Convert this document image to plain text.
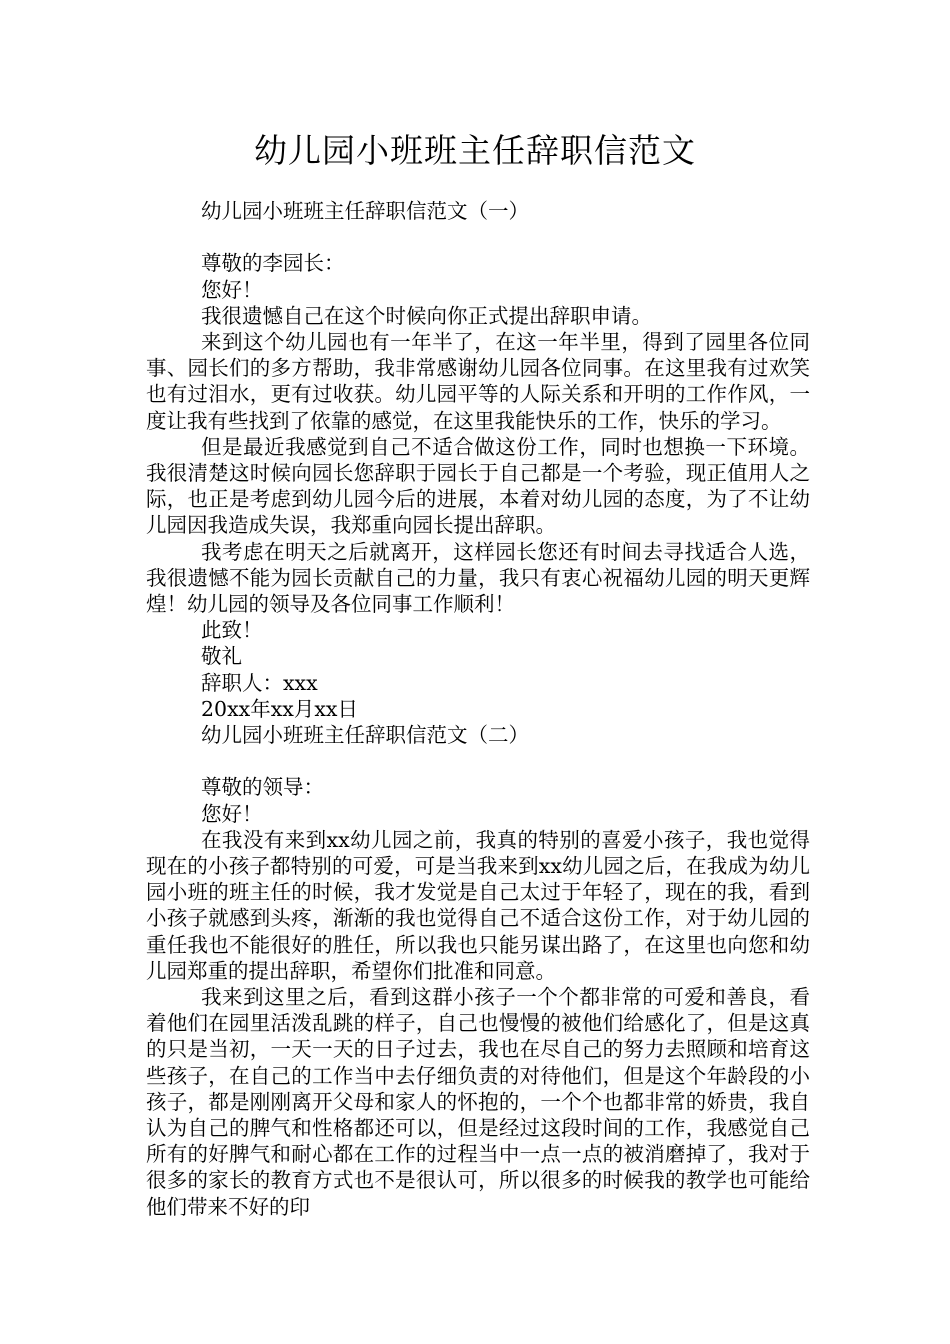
幼儿园小班班主任辞职信范文

幼儿园小班班主任辞职信范文（一）

尊敬的李园长：

您好！

我很遗憾自己在这个时候向你正式提出辞职申请。

来到这个幼儿园也有一年半了，在这一年半里，得到了园里各位同事、园长们的多方帮助，我非常感谢幼儿园各位同事。在这里我有过欢笑也有过泪水，更有过收获。幼儿园平等的人际关系和开明的工作作风，一度让我有些找到了依靠的感觉，在这里我能快乐的工作，快乐的学习。

但是最近我感觉到自己不适合做这份工作，同时也想换一下环境。我很清楚这时候向园长您辞职于园长于自己都是一个考验，现正值用人之际，也正是考虑到幼儿园今后的进展，本着对幼儿园的态度，为了不让幼儿园因我造成失误，我郑重向园长提出辞职。

我考虑在明天之后就离开，这样园长您还有时间去寻找适合人选，我很遗憾不能为园长贡献自己的力量，我只有衷心祝福幼儿园的明天更辉煌！幼儿园的领导及各位同事工作顺利！

此致！

敬礼

辞职人：xxx

20xx年xx月xx日

幼儿园小班班主任辞职信范文（二）

尊敬的领导：

您好！

在我没有来到xx幼儿园之前，我真的特别的喜爱小孩子，我也觉得现在的小孩子都特别的可爱，可是当我来到xx幼儿园之后，在我成为幼儿园小班的班主任的时候，我才发觉是自己太过于年轻了，现在的我，看到小孩子就感到头疼，渐渐的我也觉得自己不适合这份工作，对于幼儿园的重任我也不能很好的胜任，所以我也只能另谋出路了，在这里也向您和幼儿园郑重的提出辞职，希望你们批准和同意。

我来到这里之后，看到这群小孩子一个个都非常的可爱和善良，看着他们在园里活泼乱跳的样子，自己也慢慢的被他们给感化了，但是这真的只是当初，一天一天的日子过去，我也在尽自己的努力去照顾和培育这些孩子，在自己的工作当中去仔细负责的对待他们，但是这个年龄段的小孩子，都是刚刚离开父母和家人的怀抱的，一个个也都非常的娇贵，我自认为自己的脾气和性格都还可以，但是经过这段时间的工作，我感觉自己所有的好脾气和耐心都在工作的过程当中一点一点的被消磨掉了，我对于很多的家长的教育方式也不是很认可，所以很多的时候我的教学也可能给他们带来不好的印
